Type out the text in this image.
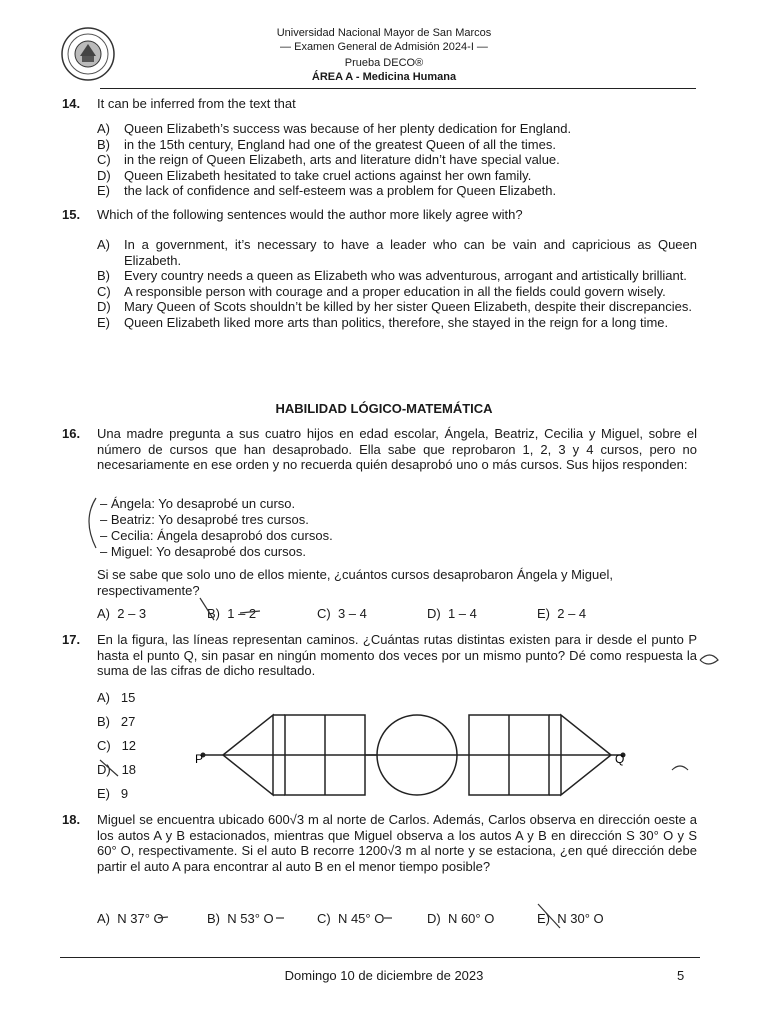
Universidad Nacional Mayor de San Marcos
— Examen General de Admisión 2024-I —
Prueba DECO®
ÁREA A - Medicina Humana
14. It can be inferred from the text that
A)	Queen Elizabeth’s success was because of her plenty dedication for England.
B)	in the 15th century, England had one of the greatest Queen of all the times.
C)	in the reign of Queen Elizabeth, arts and literature didn’t have special value.
D)	Queen Elizabeth hesitated to take cruel actions against her own family.
E)	the lack of confidence and self-esteem was a problem for Queen Elizabeth.
15. Which of the following sentences would the author more likely agree with?
A)	In a government, it’s necessary to have a leader who can be vain and capricious as Queen Elizabeth.
B)	Every country needs a queen as Elizabeth who was adventurous, arrogant and artistically brilliant.
C)	A responsible person with courage and a proper education in all the fields could govern wisely.
D)	Mary Queen of Scots shouldn’t be killed by her sister Queen Elizabeth, despite their discrepancies.
E)	Queen Elizabeth liked more arts than politics, therefore, she stayed in the reign for a long time.
HABILIDAD LÓGICO-MATEMÁTICA
16. Una madre pregunta a sus cuatro hijos en edad escolar, Ángela, Beatriz, Cecilia y Miguel, sobre el número de cursos que han desaprobado. Ella sabe que reprobaron 1, 2, 3 y 4 cursos, pero no necesariamente en ese orden y no recuerda quién desaprobó uno o más cursos. Sus hijos responden:
– Ángela: Yo desaprobé un curso.
– Beatriz: Yo desaprobé tres cursos.
– Cecilia: Ángela desaprobó dos cursos.
– Miguel: Yo desaprobé dos cursos.
Si se sabe que solo uno de ellos miente, ¿cuántos cursos desaprobaron Ángela y Miguel, respectivamente?
A) 2 – 3	B) 1 – 2	C) 3 – 4	D) 1 – 4	E) 2 – 4
17. En la figura, las líneas representan caminos. ¿Cuántas rutas distintas existen para ir desde el punto P hasta el punto Q, sin pasar en ningún momento dos veces por un mismo punto? Dé como respuesta la suma de las cifras de dicho resultado.
A) 15
B) 27
C) 12
D) 18
E) 9
P	Q
18. Miguel se encuentra ubicado 600√3 m al norte de Carlos. Además, Carlos observa en dirección oeste a los autos A y B estacionados, mientras que Miguel observa a los autos A y B en dirección S 30° O y S 60° O, respectivamente. Si el auto B recorre 1200√3 m al norte y se estaciona, ¿en qué dirección debe partir el auto A para encontrar al auto B en el menor tiempo posible?
A) N 37° O	B) N 53° O	C) N 45° O	D) N 60° O	E) N 30° O
Domingo 10 de diciembre de 2023	5
